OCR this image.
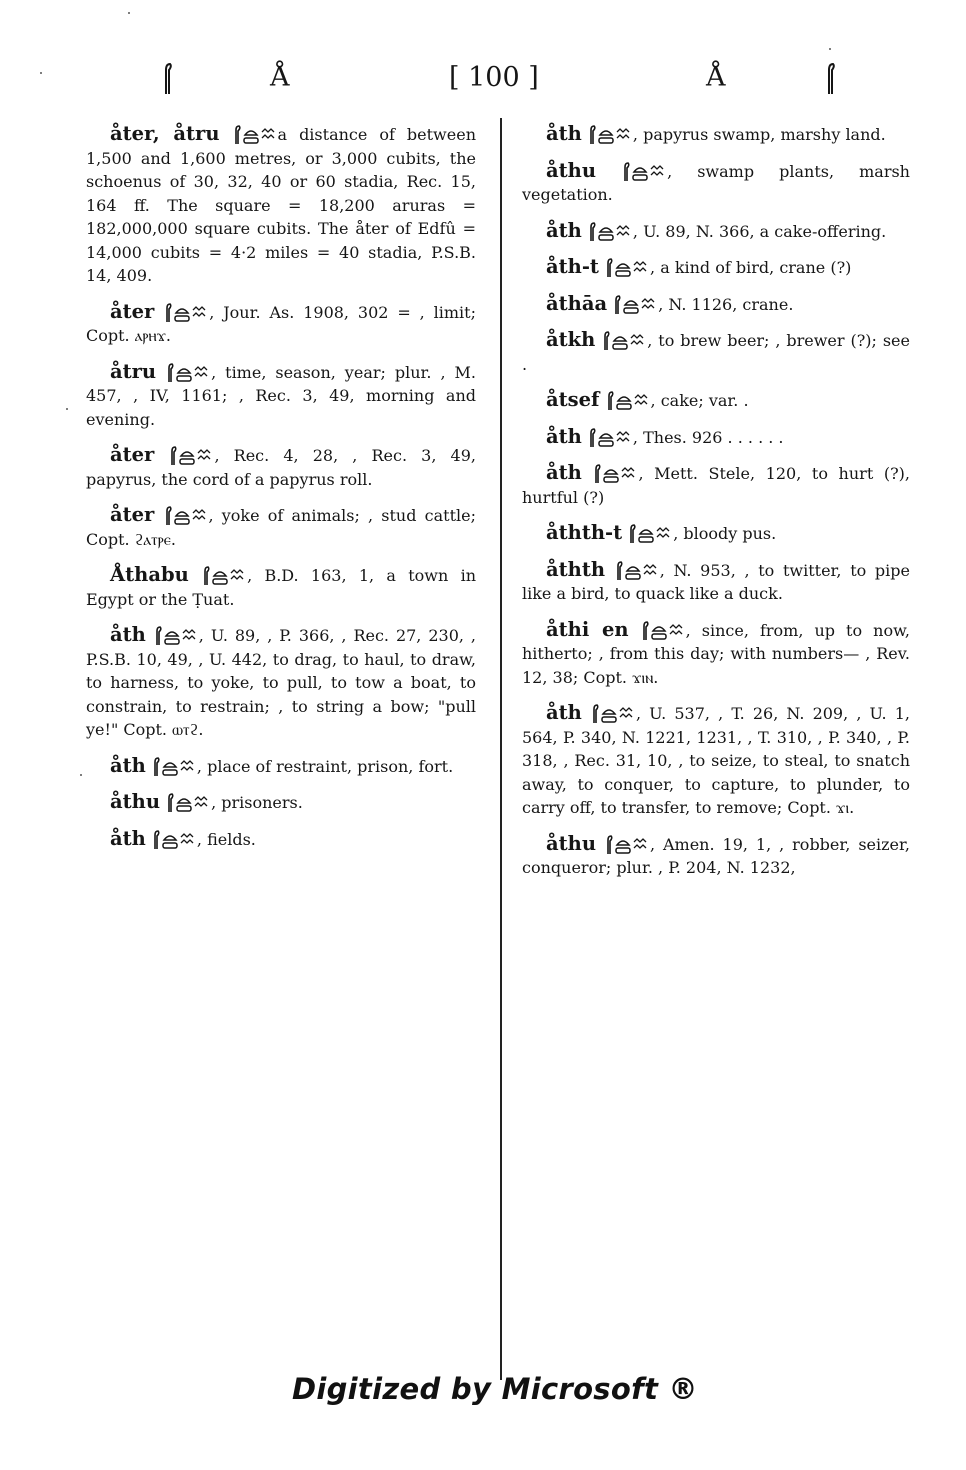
Å	[ 100 ]	Å

åter, åtru	a distance of between 1,500 and 1,600 metres, or 3,000 cubits, the schoenus of 30, 32, 40 or 60 stadia, Rec. 15, 164 ff. The square = 18,200 aruras = 182,000,000 square cubits. The åter of Edfû = 14,000 cubits = 4·2 miles = 40 stadia, P.S.B. 14, 409.

åter	, Jour. As. 1908, 302 = , limit; Copt. ⲁⲣⲏϫ.

åtru	, time, season, year; plur. , M. 457, , IV, 1161; , Rec. 3, 49, morning and evening.

åter	, Rec. 4, 28, , Rec. 3, 49, papyrus, the cord of a papyrus roll.

åter	, yoke of animals; , stud cattle; Copt. ϩⲁⲧⲣⲉ.

Åthabu	, B.D. 163, 1, a town in Egypt or the Ṭuat.

åth	, U. 89, , P. 366, , Rec. 27, 230, , P.S.B. 10, 49, , U. 442, to drag, to haul, to draw, to harness, to yoke, to pull, to tow a boat, to constrain, to restrain; , to string a bow; "pull ye!" Copt. ⲱⲧϩ.

åth	, place of restraint, prison, fort.

åthu	, prisoners.

åth	, fields.

åth	, papyrus swamp, marshy land.

åthu	, swamp plants, marsh vegetation.

åth	, U. 89, N. 366, a cake-offering.

åth-t	, a kind of bird, crane (?)

åthāa	, N. 1126, crane.

åtkh	, to brew beer; , brewer (?); see .

åtsef	, cake; var. .

åth	, Thes. 926 . . . . . .

åth	, Mett. Stele, 120, to hurt (?), hurtful (?)

åthth-t	, bloody pus.

åthth	, N. 953, , to twitter, to pipe like a bird, to quack like a duck.

åthi en	, since, from, up to now, hitherto; , from this day; with numbers— , Rev. 12, 38; Copt. ϫⲓⲛ.

åth	, U. 537, , T. 26, N. 209, , U. 1, 564, P. 340, N. 1221, 1231, , T. 310, , P. 340, , P. 318, , Rec. 31, 10, , to seize, to steal, to snatch away, to conquer, to capture, to plunder, to carry off, to transfer, to remove; Copt. ϫⲓ.

åthu	, Amen. 19, 1, , robber, seizer, conqueror; plur. , P. 204, N. 1232,

Digitized by Microsoft ®
